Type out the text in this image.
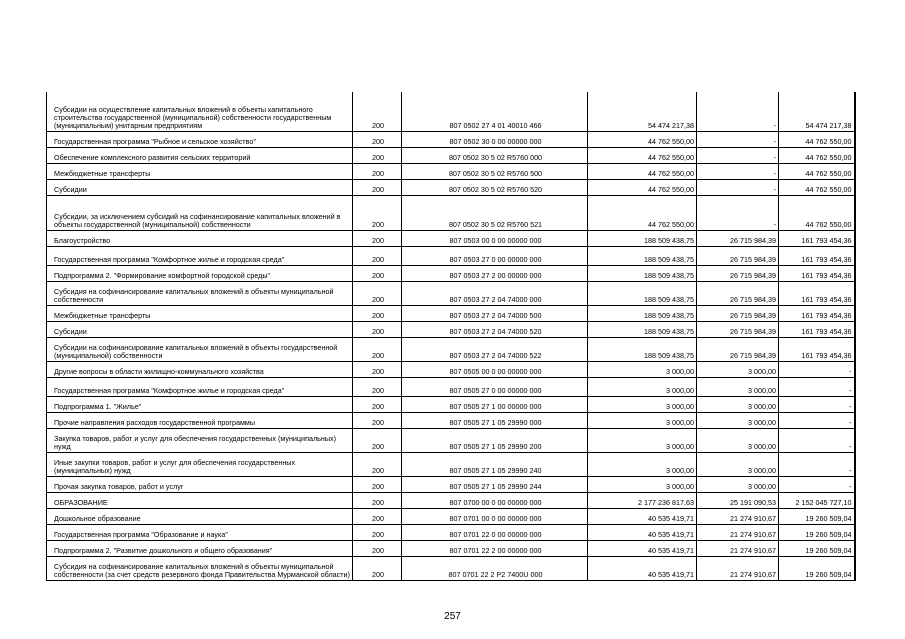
Субсидии на осуществление капитальных вложений в объекты капитального строительства государственной (муниципальной) собственности государственным (муниципальным) унитарным предприятиям	200	807 0502 27 4 01 40010 466	54 474 217,38	-	54 474 217,38
Государственная программа "Рыбное и сельское хозяйство"	200	807 0502 30 0 00 00000 000	44 762 550,00	-	44 762 550,00
Обеспечение комплексного развития сельских территорий	200	807 0502 30 5 02 R5760 000	44 762 550,00	-	44 762 550,00
Межбюджетные трансферты	200	807 0502 30 5 02 R5760 500	44 762 550,00	-	44 762 550,00
Субсидии	200	807 0502 30 5 02 R5760 520	44 762 550,00	-	44 762 550,00
Субсидии, за исключением субсидий на софинансирование капитальных вложений в объекты государственной (муниципальной) собственности	200	807 0502 30 5 02 R5760 521	44 762 550,00	-	44 762 550,00
Благоустройство	200	807 0503 00 0 00 00000 000	188 509 438,75	26 715 984,39	161 793 454,36
Государственная программа "Комфортное жилье и городская среда"	200	807 0503 27 0 00 00000 000	188 509 438,75	26 715 984,39	161 793 454,36
Подпрограмма 2. "Формирование комфортной городской среды"	200	807 0503 27 2 00 00000 000	188 509 438,75	26 715 984,39	161 793 454,36
Субсидия на софинансирование капитальных вложений в объекты муниципальной собственности	200	807 0503 27 2 04 74000 000	188 509 438,75	26 715 984,39	161 793 454,36
Межбюджетные трансферты	200	807 0503 27 2 04 74000 500	188 509 438,75	26 715 984,39	161 793 454,36
Субсидии	200	807 0503 27 2 04 74000 520	188 509 438,75	26 715 984,39	161 793 454,36
Субсидии на софинансирование капитальных вложений в объекты государственной (муниципальной) собственности	200	807 0503 27 2 04 74000 522	188 509 438,75	26 715 984,39	161 793 454,36
Другие вопросы в области жилищно-коммунального хозяйства	200	807 0505 00 0 00 00000 000	3 000,00	3 000,00	-
Государственная программа "Комфортное жилье и городская среда"	200	807 0505 27 0 00 00000 000	3 000,00	3 000,00	-
Подпрограмма 1. "Жилье"	200	807 0505 27 1 00 00000 000	3 000,00	3 000,00	-
Прочие направления расходов государственной программы	200	807 0505 27 1 05 29990 000	3 000,00	3 000,00	-
Закупка товаров, работ и услуг для обеспечения государственных (муниципальных) нужд	200	807 0505 27 1 05 29990 200	3 000,00	3 000,00	-
Иные закупки товаров, работ и услуг для обеспечения государственных (муниципальных) нужд	200	807 0505 27 1 05 29990 240	3 000,00	3 000,00	-
Прочая закупка товаров, работ и услуг	200	807 0505 27 1 05 29990 244	3 000,00	3 000,00	-
ОБРАЗОВАНИЕ	200	807 0700 00 0 00 00000 000	2 177 236 817,63	25 191 090,53	2 152 045 727,10
Дошкольное образование	200	807 0701 00 0 00 00000 000	40 535 419,71	21 274 910,67	19 260 509,04
Государственная программа "Образование и наука"	200	807 0701 22 0 00 00000 000	40 535 419,71	21 274 910,67	19 260 509,04
Подпрограмма 2. "Развитие дошкольного и общего образования"	200	807 0701 22 2 00 00000 000	40 535 419,71	21 274 910,67	19 260 509,04
Субсидия на софинансирование капитальных вложений в объекты муниципальной собственности (за счет средств резервного фонда Правительства Мурманской области)	200	807 0701 22 2 P2 7400U 000	40 535 419,71	21 274 910,67	19 260 509,04
257
